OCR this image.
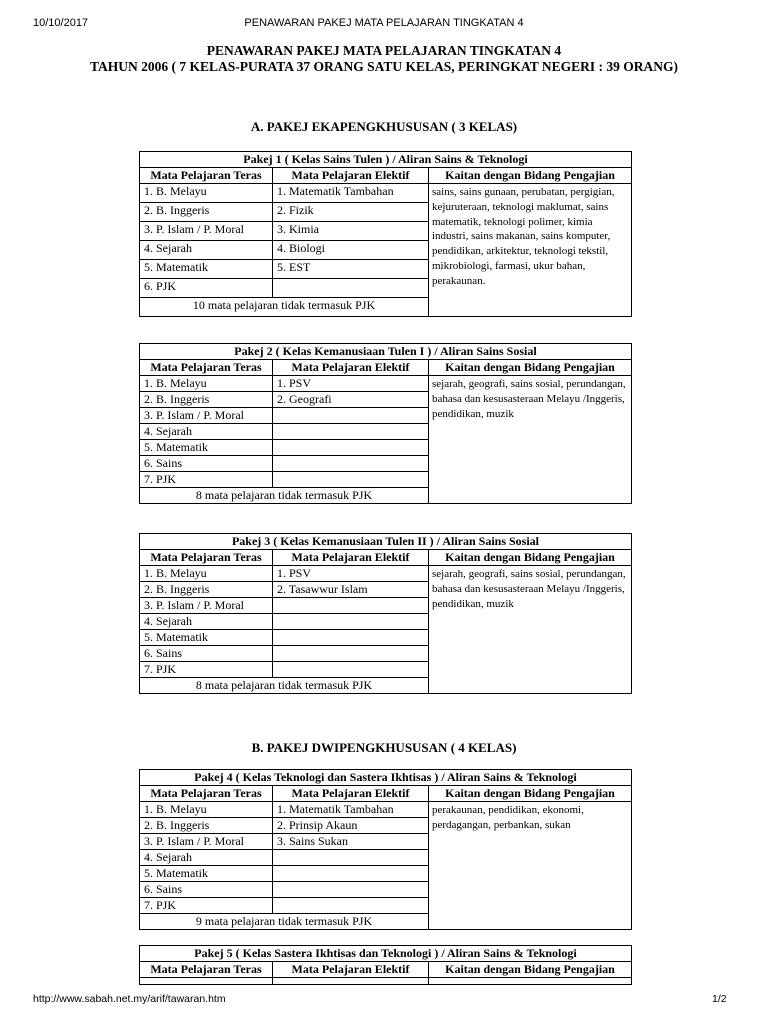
10/10/2017	PENAWARAN PAKEJ MATA PELAJARAN TINGKATAN 4
PENAWARAN PAKEJ MATA PELAJARAN TINGKATAN 4
TAHUN 2006 ( 7 KELAS-PURATA 37 ORANG SATU KELAS, PERINGKAT NEGERI : 39 ORANG)
A. PAKEJ EKAPENGKHUSUSAN ( 3 KELAS)
Pakej 1 ( Kelas Sains Tulen ) / Aliran Sains & Teknologi		
Mata Pelajaran Teras	Mata Pelajaran Elektif	Kaitan dengan Bidang Pengajian
1. B. Melayu	1. Matematik Tambahan	sains, sains gunaan, perubatan, pergigian, kejuruteraan, teknologi maklumat, sains matematik, teknologi polimer, kimia industri, sains makanan, sains komputer, pendidikan, arkitektur, teknologi tekstil, mikrobiologi, farmasi, ukur bahan, perakaunan.
2. B. Inggeris	2. Fizik	
3. P. Islam / P. Moral	3. Kimia	
4. Sejarah	4. Biologi	
5. Matematik	5. EST	
6. PJK		
10 mata pelajaran tidak termasuk PJK		
Pakej 2 ( Kelas Kemanusiaan Tulen I ) / Aliran Sains Sosial		
Mata Pelajaran Teras	Mata Pelajaran Elektif	Kaitan dengan Bidang Pengajian
1. B. Melayu	1. PSV	sejarah, geografi, sains sosial, perundangan, bahasa dan kesusasteraan Melayu /Inggeris, pendidikan, muzik
2. B. Inggeris	2. Geografi	
3. P. Islam / P. Moral		
4. Sejarah		
5. Matematik		
6. Sains		
7. PJK		
8 mata pelajaran tidak termasuk PJK		
Pakej 3 ( Kelas Kemanusiaan Tulen II ) / Aliran Sains Sosial		
Mata Pelajaran Teras	Mata Pelajaran Elektif	Kaitan dengan Bidang Pengajian
1. B. Melayu	1. PSV	sejarah, geografi, sains sosial, perundangan, bahasa dan kesusasteraan Melayu /Inggeris, pendidikan, muzik
2. B. Inggeris	2. Tasawwur Islam	
3. P. Islam / P. Moral		
4. Sejarah		
5. Matematik		
6. Sains		
7. PJK		
8 mata pelajaran tidak termasuk PJK		
B. PAKEJ DWIPENGKHUSUSAN ( 4 KELAS)
Pakej 4 ( Kelas Teknologi dan Sastera Ikhtisas ) / Aliran Sains & Teknologi		
Mata Pelajaran Teras	Mata Pelajaran Elektif	Kaitan dengan Bidang Pengajian
1. B. Melayu	1. Matematik Tambahan	perakaunan, pendidikan, ekonomi, perdagangan, perbankan, sukan
2. B. Inggeris	2. Prinsip Akaun	
3. P. Islam / P. Moral	3. Sains Sukan	
4. Sejarah		
5. Matematik		
6. Sains		
7. PJK		
9 mata pelajaran tidak termasuk PJK		
Pakej 5 ( Kelas Sastera Ikhtisas dan Teknologi ) / Aliran Sains & Teknologi		
Mata Pelajaran Teras	Mata Pelajaran Elektif	Kaitan dengan Bidang Pengajian

http://www.sabah.net.my/arif/tawaran.htm	1/2
